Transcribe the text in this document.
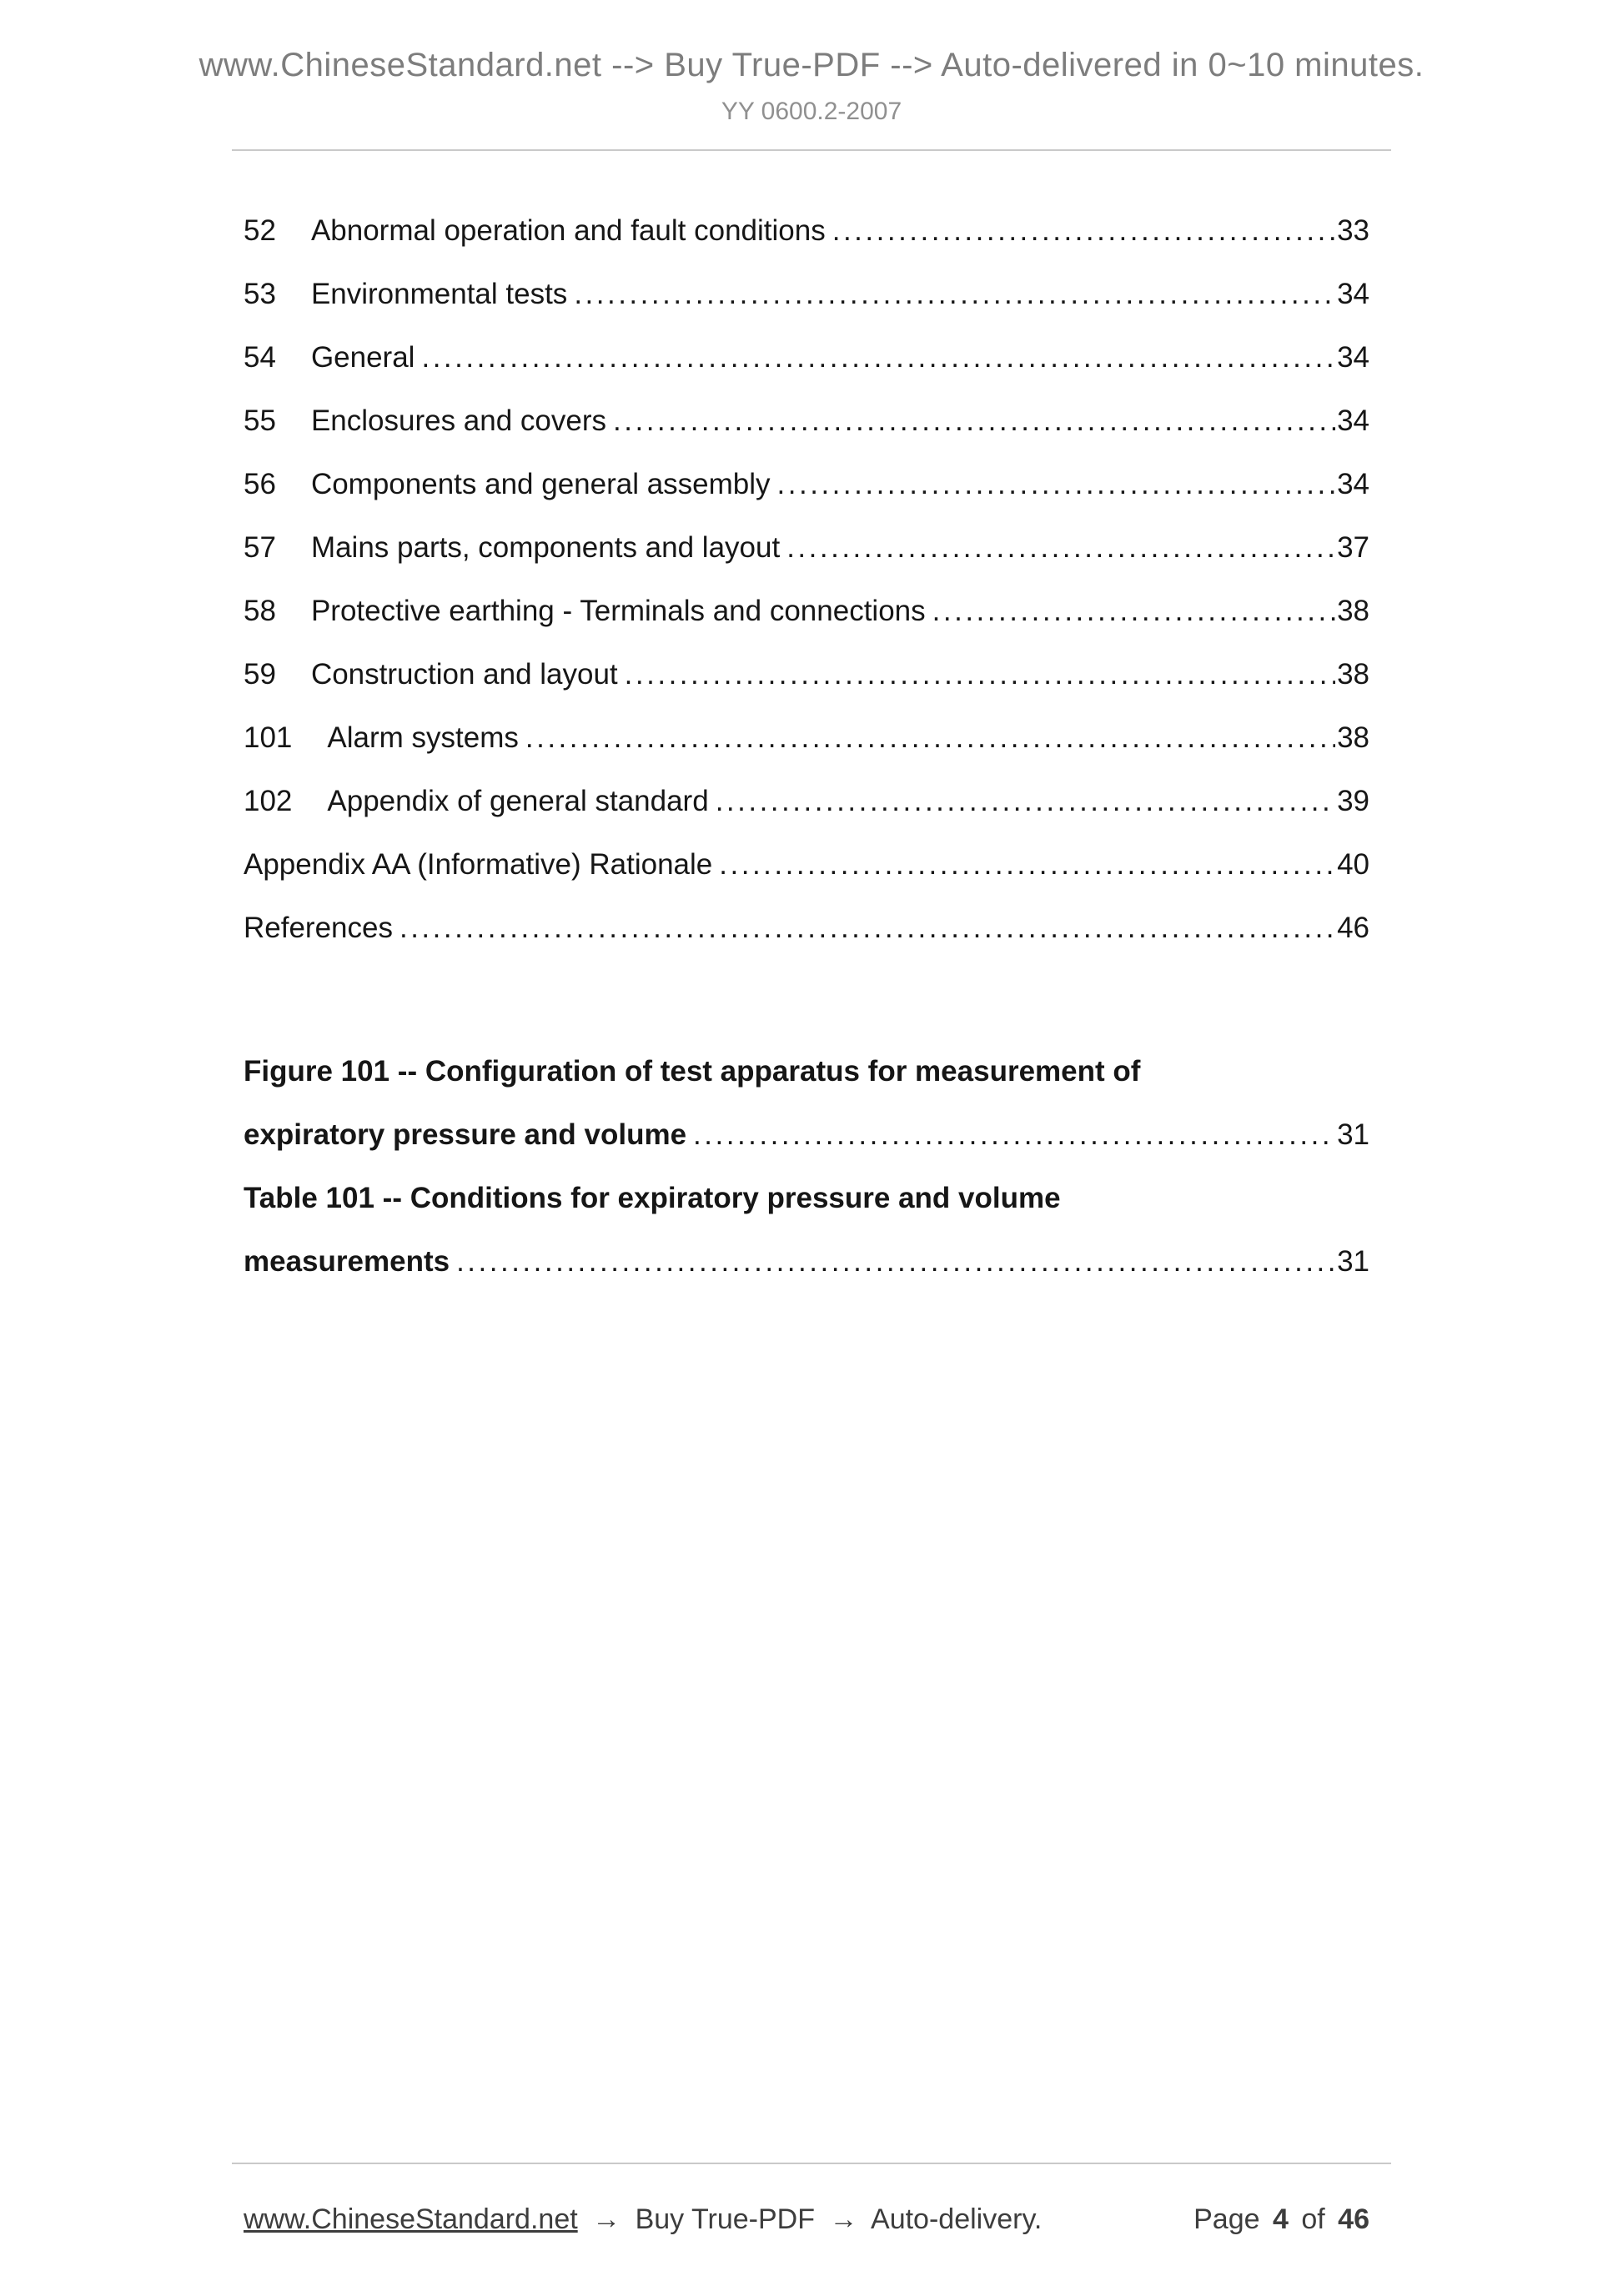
www.ChineseStandard.net --> Buy True-PDF --> Auto-delivered in 0~10 minutes.
YY 0600.2-2007
52 Abnormal operation and fault conditions .....	33
53 Environmental tests .....	34
54 General .....	34
55 Enclosures and covers .....	34
56 Components and general assembly .....	34
57 Mains parts, components and layout .....	37
58 Protective earthing - Terminals and connections .....	38
59 Construction and layout .....	38
101 Alarm systems .....	38
102 Appendix of general standard .....	39
Appendix AA (Informative) Rationale .....	40
References .....	46
Figure 101 -- Configuration of test apparatus for measurement of
expiratory pressure and volume .....	31
Table 101 -- Conditions for expiratory pressure and volume
measurements .....	31
www.ChineseStandard.net → Buy True-PDF → Auto-delivery.	Page 4 of 46
